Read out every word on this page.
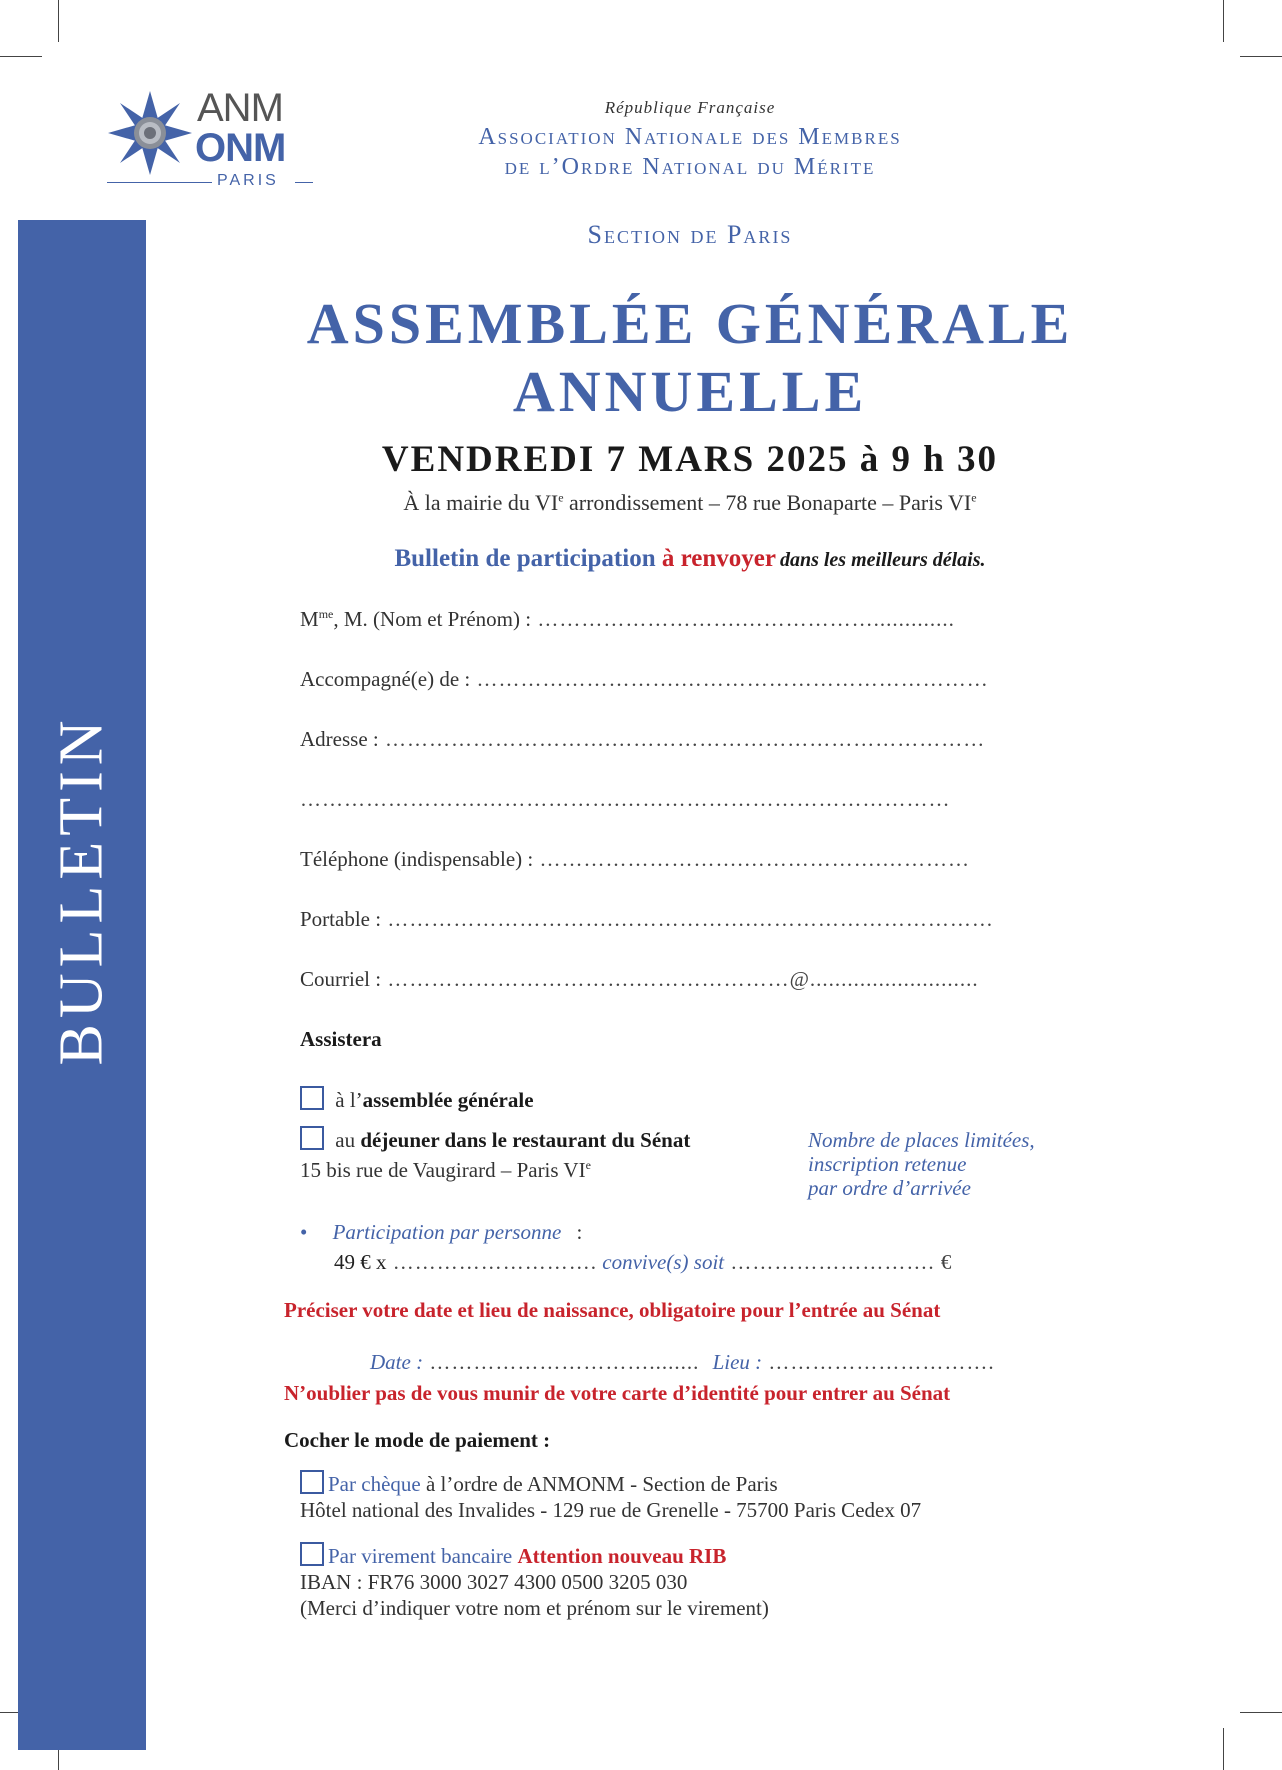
BULLETIN
ANM
ONM
PARIS
République Française
Association Nationale des Membres
de l’Ordre National du Mérite
Section de Paris
ASSEMBLÉE GÉNÉRALE
ANNUELLE
VENDREDI 7 MARS 2025 à 9 h 30
À la mairie du VIe arrondissement – 78 rue Bonaparte – Paris VIe
Bulletin de participation à renvoyer dans les meilleurs délais.
$M^{me}$, M. (Nom et Prénom) : ……………………….……………….............
Accompagné(e) de : ……………………….……………………………………
Adresse : ………………………….……………………………………………
…………………….……………….………………………………………
Téléphone (indispensable) : ……………………….……………….…………
Portable : ………………………….……………….……………………………
Courriel : …………………………….…………………@...........................
Assistera
à l’assemblée générale
au déjeuner dans le restaurant du Sénat
15 bis rue de Vaugirard – Paris VIe
Nombre de places limitées,
inscription retenue
par ordre d’arrivée
• Participation par personne :
49 € x ………………………. convive(s) soit ………………………. €
Préciser votre date et lieu de naissance, obligatoire pour l’entrée au Sénat
Date : …………………………........ Lieu : ………………………….
N’oublier pas de vous munir de votre carte d’identité pour entrer au Sénat
Cocher le mode de paiement :
Par chèque à l’ordre de ANMONM - Section de Paris
Hôtel national des Invalides - 129 rue de Grenelle - 75700 Paris Cedex 07
Par virement bancaire Attention nouveau RIB
IBAN : FR76 3000 3027 4300 0500 3205 030
(Merci d’indiquer votre nom et prénom sur le virement)
